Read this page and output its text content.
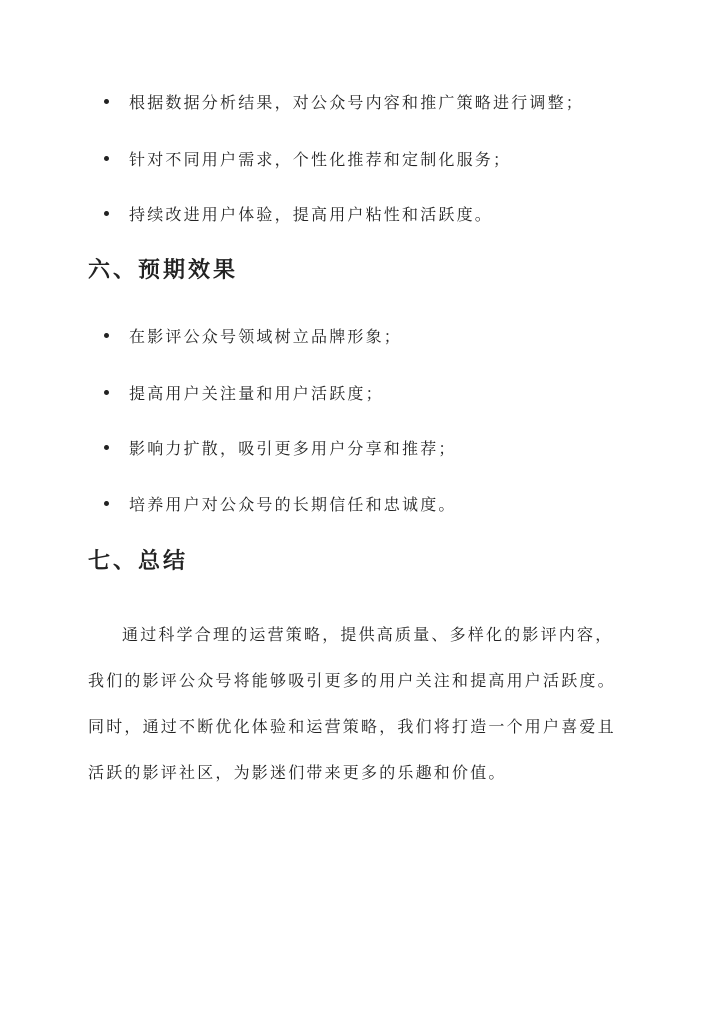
根据数据分析结果，对公众号内容和推广策略进行调整；
针对不同用户需求，个性化推荐和定制化服务；
持续改进用户体验，提高用户粘性和活跃度。
六、预期效果
在影评公众号领域树立品牌形象；
提高用户关注量和用户活跃度；
影响力扩散，吸引更多用户分享和推荐；
培养用户对公众号的长期信任和忠诚度。
七、总结

通过科学合理的运营策略，提供高质量、多样化的影评内容，
我们的影评公众号将能够吸引更多的用户关注和提高用户活跃度。
同时，通过不断优化体验和运营策略，我们将打造一个用户喜爱且
活跃的影评社区，为影迷们带来更多的乐趣和价值。
